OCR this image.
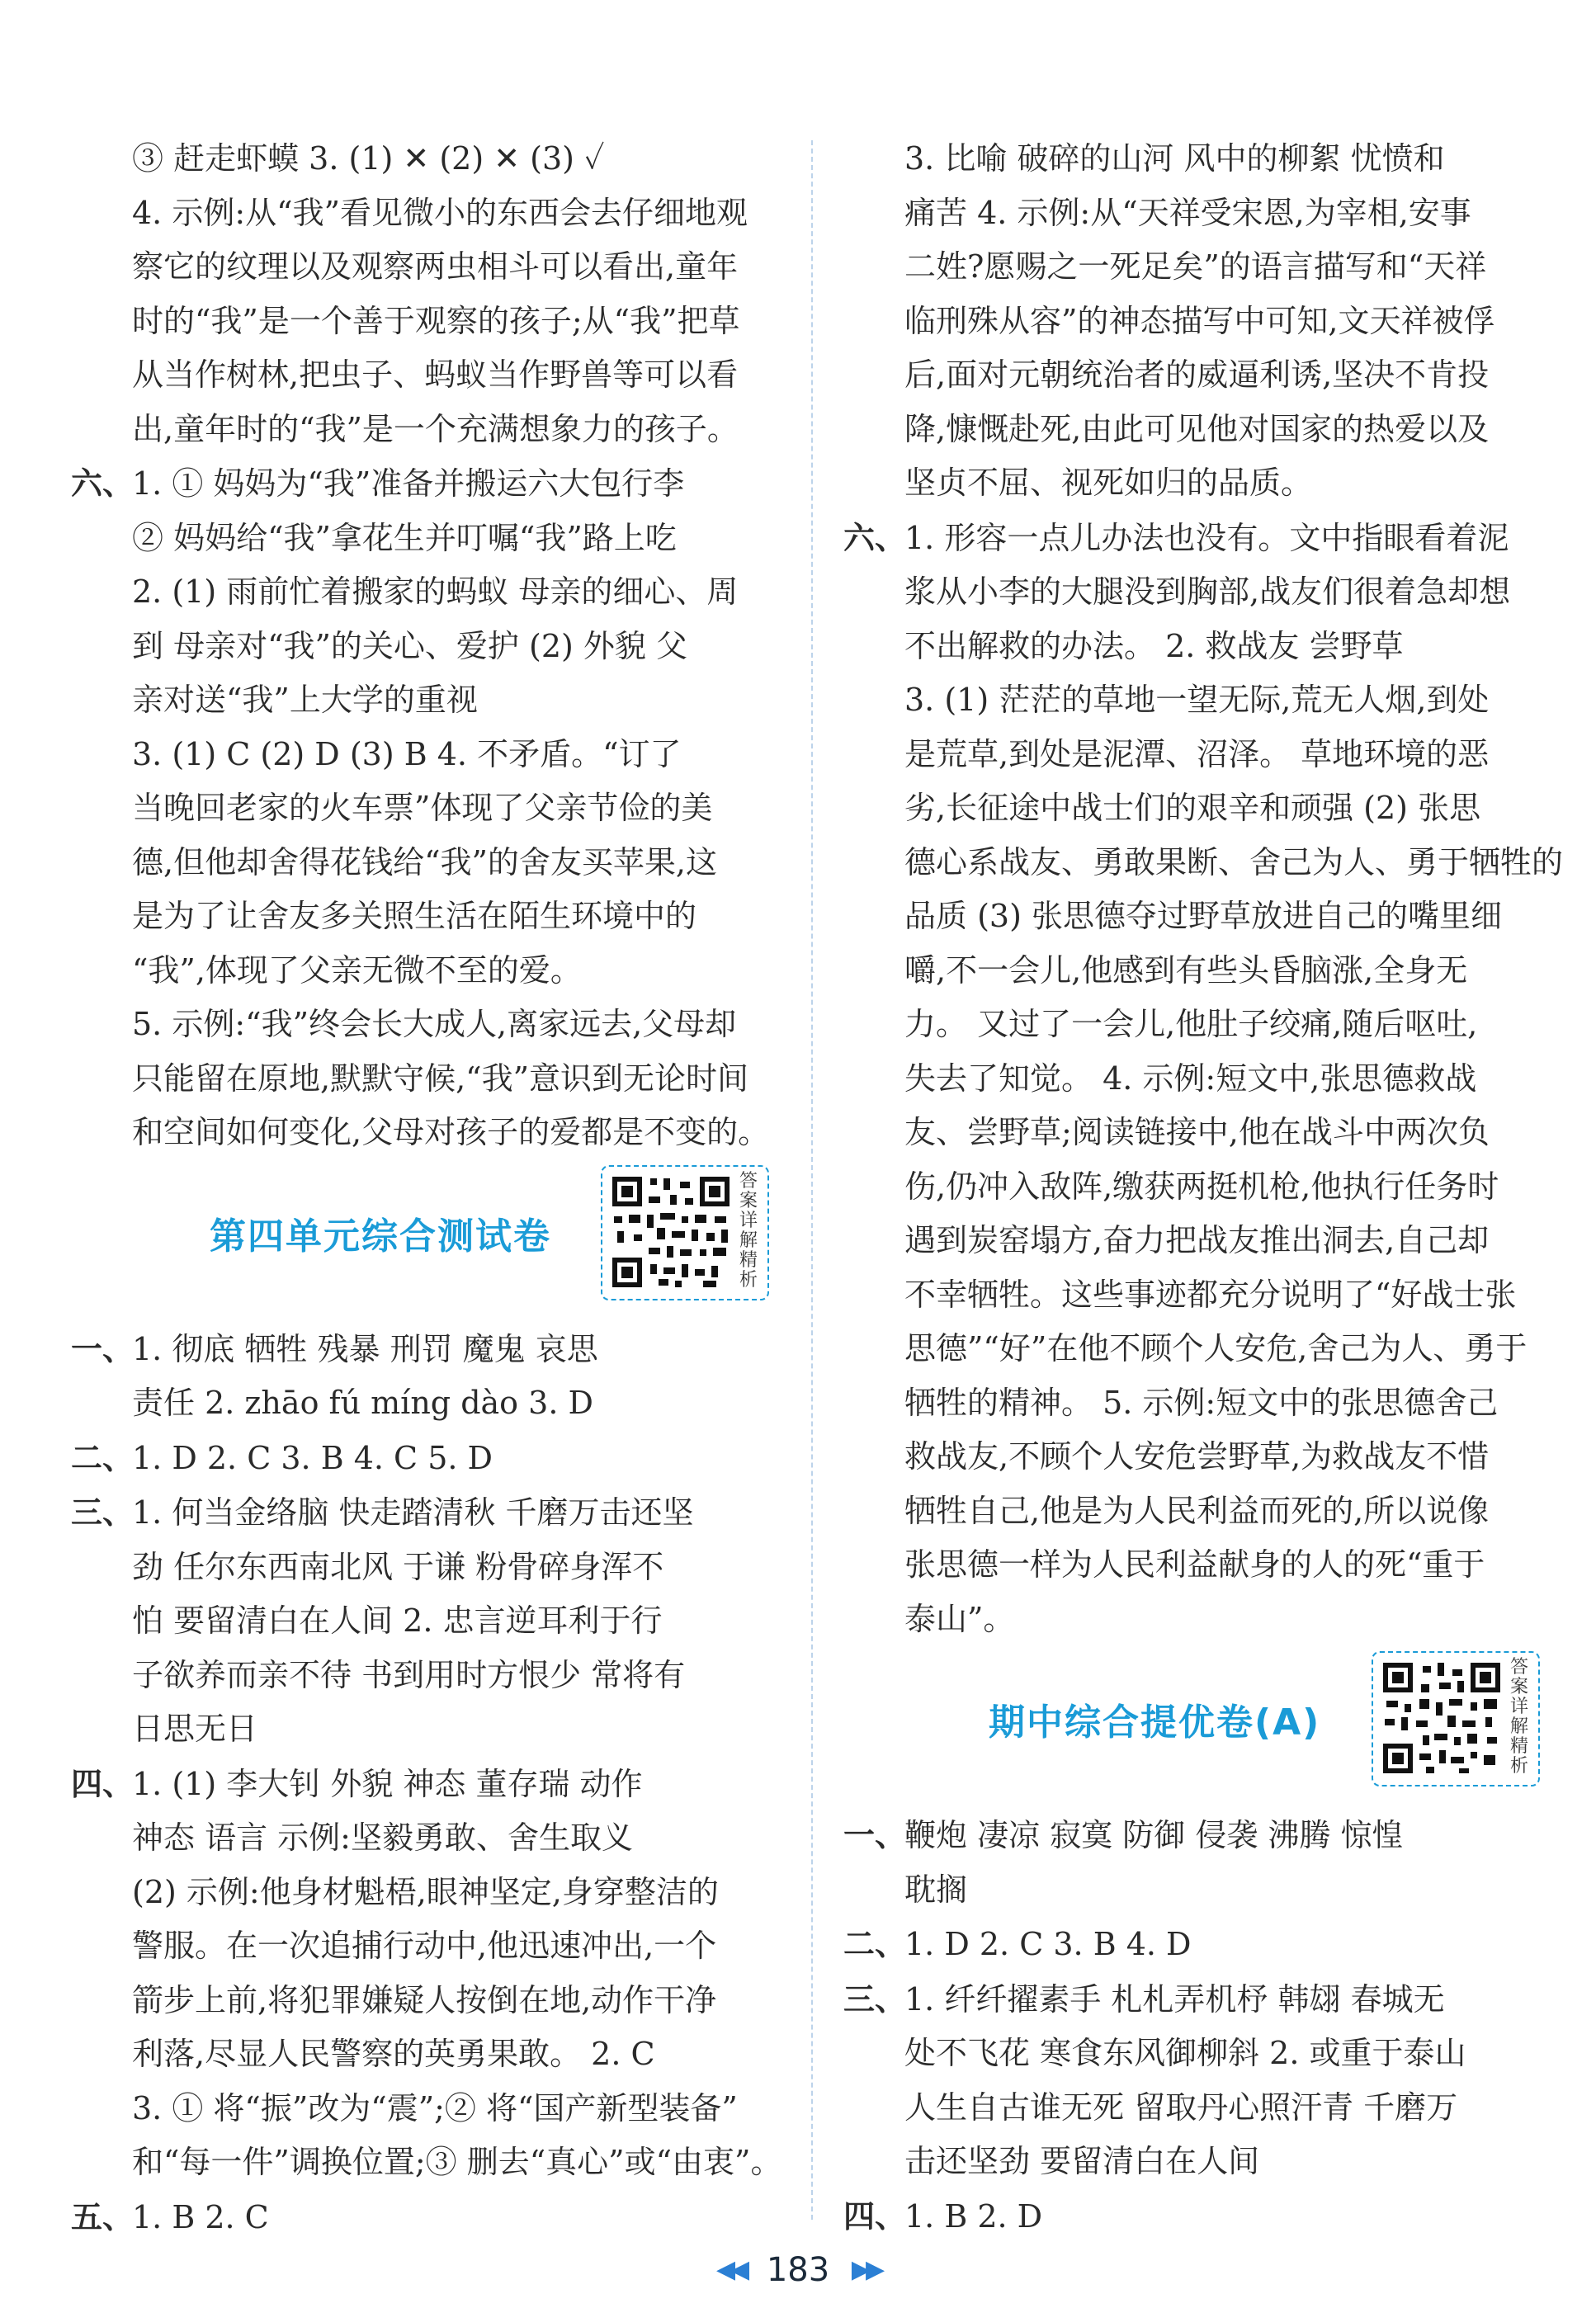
③ 赶走虾蟆 3. (1) ✕ (2) ✕ (3) ✓
4. 示例:从“我”看见微小的东西会去仔细地观
察它的纹理以及观察两虫相斗可以看出,童年
时的“我”是一个善于观察的孩子;从“我”把草
从当作树林,把虫子、蚂蚁当作野兽等可以看
出,童年时的“我”是一个充满想象力的孩子。
六、1. ① 妈妈为“我”准备并搬运六大包行李
② 妈妈给“我”拿花生并叮嘱“我”路上吃
2. (1) 雨前忙着搬家的蚂蚁 母亲的细心、周
到 母亲对“我”的关心、爱护 (2) 外貌 父
亲对送“我”上大学的重视
3. (1) C (2) D (3) B 4. 不矛盾。“订了
当晚回老家的火车票”体现了父亲节俭的美
德,但他却舍得花钱给“我”的舍友买苹果,这
是为了让舍友多关照生活在陌生环境中的
“我”,体现了父亲无微不至的爱。
5. 示例:“我”终会长大成人,离家远去,父母却
只能留在原地,默默守候,“我”意识到无论时间
和空间如何变化,父母对孩子的爱都是不变的。
第四单元综合测试卷
答案详解精析
一、1. 彻底 牺牲 残暴 刑罚 魔鬼 哀思
责任 2. zhāo fú míng dào 3. D
二、1. D 2. C 3. B 4. C 5. D
三、1. 何当金络脑 快走踏清秋 千磨万击还坚
劲 任尔东西南北风 于谦 粉骨碎身浑不
怕 要留清白在人间 2. 忠言逆耳利于行
子欲养而亲不待 书到用时方恨少 常将有
日思无日
四、1. (1) 李大钊 外貌 神态 董存瑞 动作
神态 语言 示例:坚毅勇敢、舍生取义
(2) 示例:他身材魁梧,眼神坚定,身穿整洁的
警服。在一次追捕行动中,他迅速冲出,一个
箭步上前,将犯罪嫌疑人按倒在地,动作干净
利落,尽显人民警察的英勇果敢。 2. C
3. ① 将“振”改为“震”;② 将“国产新型装备”
和“每一件”调换位置;③ 删去“真心”或“由衷”。
五、1. B 2. C
3. 比喻 破碎的山河 风中的柳絮 忧愤和
痛苦 4. 示例:从“天祥受宋恩,为宰相,安事
二姓?愿赐之一死足矣”的语言描写和“天祥
临刑殊从容”的神态描写中可知,文天祥被俘
后,面对元朝统治者的威逼利诱,坚决不肯投
降,慷慨赴死,由此可见他对国家的热爱以及
坚贞不屈、视死如归的品质。
六、1. 形容一点儿办法也没有。文中指眼看着泥
浆从小李的大腿没到胸部,战友们很着急却想
不出解救的办法。 2. 救战友 尝野草
3. (1) 茫茫的草地一望无际,荒无人烟,到处
是荒草,到处是泥潭、沼泽。 草地环境的恶
劣,长征途中战士们的艰辛和顽强 (2) 张思
德心系战友、勇敢果断、舍己为人、勇于牺牲的
品质 (3) 张思德夺过野草放进自己的嘴里细
嚼,不一会儿,他感到有些头昏脑涨,全身无
力。 又过了一会儿,他肚子绞痛,随后呕吐,
失去了知觉。 4. 示例:短文中,张思德救战
友、尝野草;阅读链接中,他在战斗中两次负
伤,仍冲入敌阵,缴获两挺机枪,他执行任务时
遇到炭窑塌方,奋力把战友推出洞去,自己却
不幸牺牲。这些事迹都充分说明了“好战士张
思德”“好”在他不顾个人安危,舍己为人、勇于
牺牲的精神。 5. 示例:短文中的张思德舍己
救战友,不顾个人安危尝野草,为救战友不惜
牺牲自己,他是为人民利益而死的,所以说像
张思德一样为人民利益献身的人的死“重于
泰山”。
期中综合提优卷(A)
答案详解精析
一、鞭炮 凄凉 寂寞 防御 侵袭 沸腾 惊惶
耽搁
二、1. D 2. C 3. B 4. D
三、1. 纤纤擢素手 札札弄机杼 韩翃 春城无
处不飞花 寒食东风御柳斜 2. 或重于泰山
人生自古谁无死 留取丹心照汗青 千磨万
击还坚劲 要留清白在人间
四、1. B 2. D
◀◀ 183 ▶▶
